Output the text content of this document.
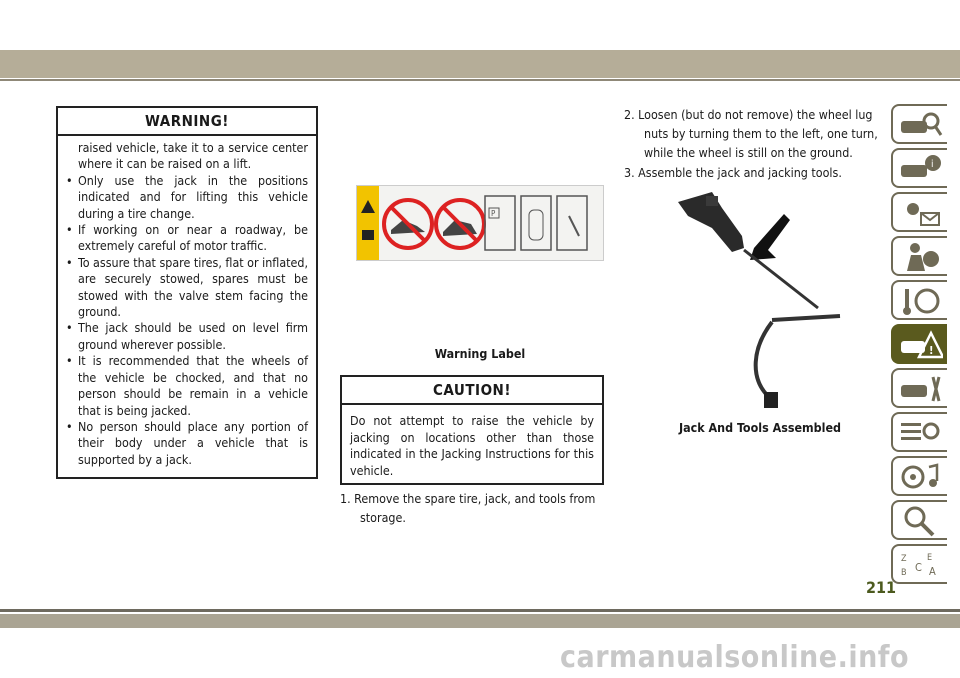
WARNING!
raised vehicle, take it to a service center where it can be raised on a lift.
• Only use the jack in the positions indicated and for lifting this vehicle during a tire change.
• If working on or near a roadway, be extremely careful of motor traffic.
• To assure that spare tires, flat or inflated, are securely stowed, spares must be stowed with the valve stem facing the ground.
• The jack should be used on level firm ground wherever possible.
• It is recommended that the wheels of the vehicle be chocked, and that no person should be remain in a vehicle that is being jacked.
• No person should place any portion of their body under a vehicle that is supported by a jack.
P
Warning Label
CAUTION!
Do not attempt to raise the vehicle by jacking on locations other than those indicated in the Jacking Instructions for this vehicle.
1. Remove the spare tire, jack, and tools from storage.
2. Loosen (but do not remove) the wheel lug nuts by turning them to the left, one turn, while the wheel is still on the ground.
3. Assemble the jack and jacking tools.
Jack And Tools Assembled
i
!
Z E
B C A
211
carmanualsonline.info
